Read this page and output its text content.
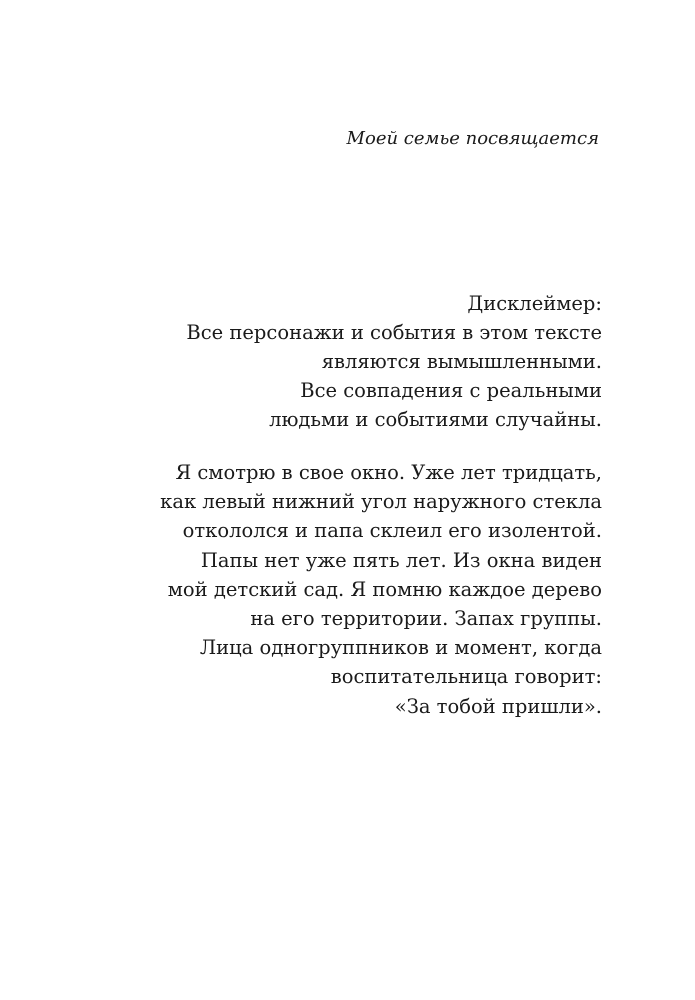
Моей семье посвящается
Дисклеймер:
Все персонажи и события в этом тексте
являются вымышленными.
Все совпадения с реальными
людьми и событиями случайны.
Я смотрю в свое окно. Уже лет тридцать,
как левый нижний угол наружного стекла
откололся и папа склеил его изолентой.
Папы нет уже пять лет. Из окна виден
мой детский сад. Я помню каждое дерево
на его территории. Запах группы.
Лица одногруппников и момент, когда
воспитательница говорит:
«За тобой пришли».
